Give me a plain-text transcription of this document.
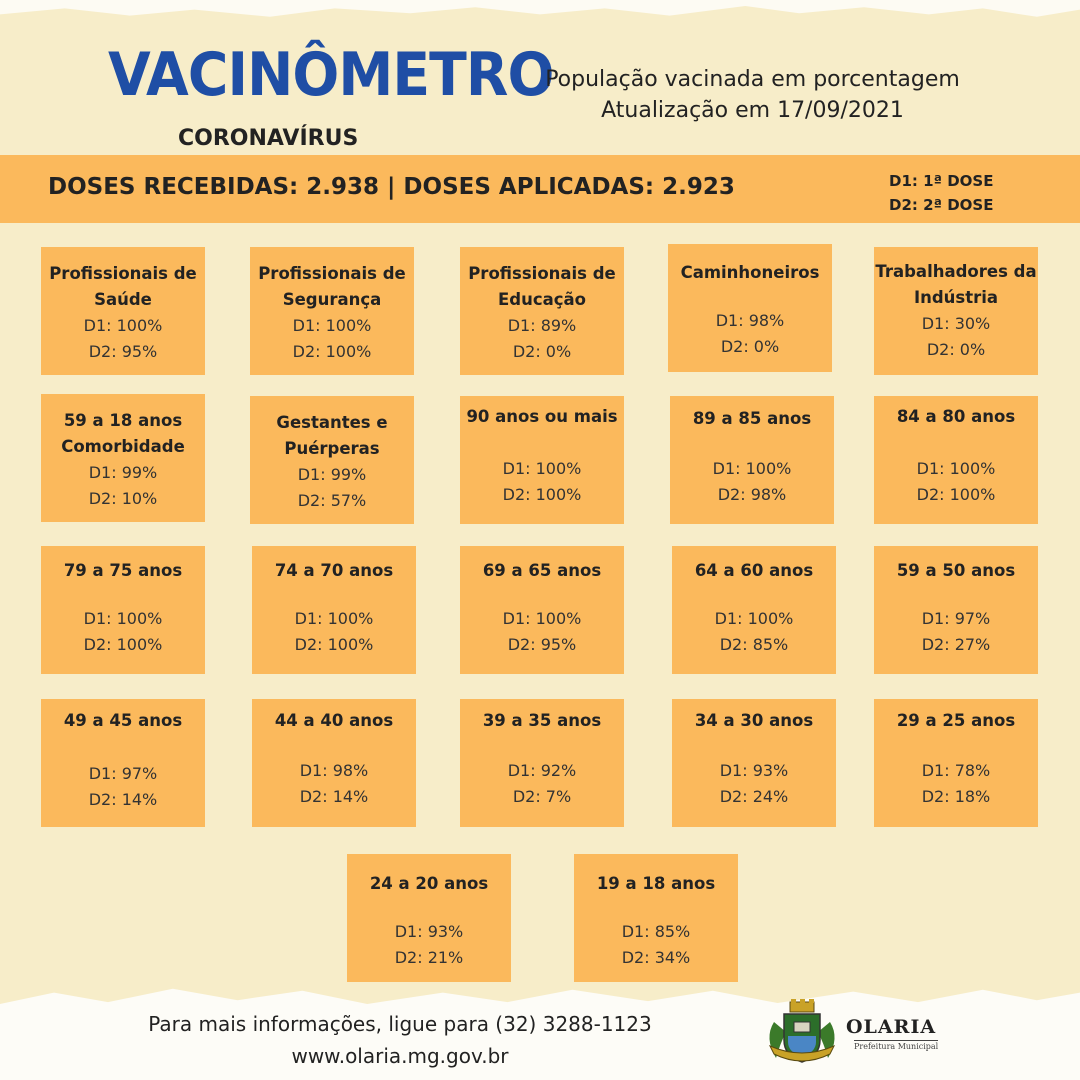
VACINÔMETRO
CORONAVÍRUS
População vacinada em porcentagem
Atualização em 17/09/2021
DOSES RECEBIDAS: 2.938 | DOSES APLICADAS: 2.923	D1: 1ª DOSE
D2: 2ª DOSE
Profissionais de Saúde
D1: 100%
D2: 95%
Profissionais de Segurança
D1: 100%
D2: 100%
Profissionais de Educação
D1: 89%
D2: 0%
Caminhoneiros
D1: 98%
D2: 0%
Trabalhadores da Indústria
D1: 30%
D2: 0%
59 a 18 anos Comorbidade
D1: 99%
D2: 10%
Gestantes e Puérperas
D1: 99%
D2: 57%
90 anos ou mais
D1: 100%
D2: 100%
89 a 85 anos
D1: 100%
D2: 98%
84 a 80 anos
D1: 100%
D2: 100%
79 a 75 anos
D1: 100%
D2: 100%
74 a 70 anos
D1: 100%
D2: 100%
69 a 65 anos
D1: 100%
D2: 95%
64 a 60 anos
D1: 100%
D2: 85%
59 a 50 anos
D1: 97%
D2: 27%
49 a 45 anos
D1: 97%
D2: 14%
44 a 40 anos
D1: 98%
D2: 14%
39 a 35 anos
D1: 92%
D2: 7%
34 a 30 anos
D1: 93%
D2: 24%
29 a 25 anos
D1: 78%
D2: 18%
24 a 20 anos
D1: 93%
D2: 21%
19 a 18 anos
D1: 85%
D2: 34%
Para mais informações, ligue para (32) 3288-1123
www.olaria.mg.gov.br
OLARIA
Prefeitura Municipal
